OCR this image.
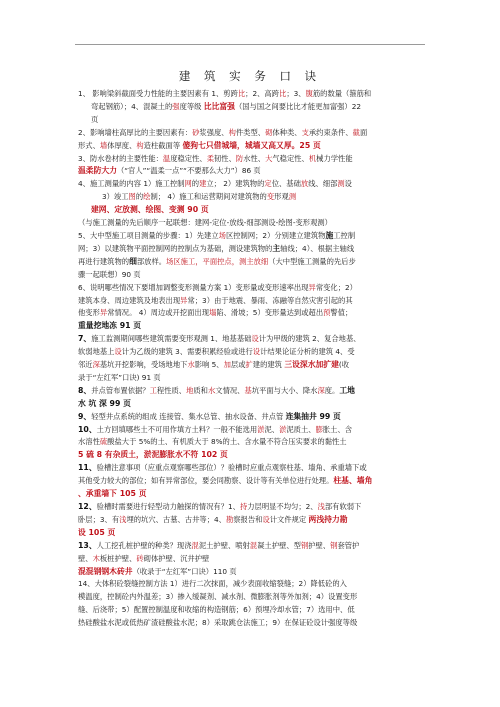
建 筑 实 务 口 诀

1、 影响梁斜截面受力性能的主要因素有 1、剪跨比；2、高跨比；3、腹筋的数量（箍筋和

弯起钢筋）；4、混凝土的强度等级 比比富强（国与国之间要比比才能更加富强）22

页

2、影响墙柱高厚比的主要因素有：砂浆强度、构件类型、砌体种类、支承约束条件、截面

形式、墙体厚度、构造柱截面等 傻狗七只借城墙，城墙又高又厚。25 页

3、防水卷材的主要性能：温度稳定性、柔韧性、防水性、大气稳定性、机械力学性能

温柔防大力（“官人”“温柔一点”“不要那么大力”）86 页

4、施工测量的内容 1）施工控制网的建立； 2）建筑物的定位、基础放线、细部测设

3）竣工图的绘制； 4）施工和运营期间对建筑物的变形观测

建网、定放测、绘图、变测 90 页

（与施工测量的先后顺序一起联想：建网-定位-放线-细部测设-绘图-变形观测）

5、大中型施工项目测量的步骤：1）先建立场区控制网；2）分别建立建筑物施工控制

网；3）以建筑物平面控制网的控制点为基础，测设建筑物的主轴线；4）、根据主轴线

再进行建筑物的细部放样。场区施工，平面控点，测主放细（大中型施工测量的先后步

骤一起联想）90 页

6、说明哪些情况下要增加调整变形测量方案 1）变形量或变形速率出现异常变化；2）

建筑本身、周边建筑及地表出现异常；3）由于地震、暴雨、冻融等自然灾害引起的其

他变形异常情况。 4）周边或开挖面出现塌陷、滑坡；5）变形量达到或超出预警值；

重量挖地冻 91 页

7、施工监测期间哪些建筑需要变形观测 1、地基基础设计为甲级的建筑 2、复合地基、

软弱地基上设计为乙级的建筑 3、需要积累经验或进行设计结果论证分析的建筑 4、受

邻近深基坑开挖影响，受场地地下水影响 5、加层或扩建的建筑 三设深水加扩建(收

录于“左红军”口诀) 91 页

8、并点管布置依据？工程性质、地质和水文情况、基坑平面与大小、降水深度。工地

水 坑 深 99 页

9、轻型井点系统的组成 连接管、集水总管、抽水设备、井点管 连集抽井 99 页

10、土方回填哪些土不可用作填方土料？一般不能选用淤泥、淤泥质土、膨胀土、含

水溶性硫酸盐大于 5%的土、有机质大于 8%的土、含水量不符合压实要求的黏性土

5 硫 8 有杂质土，淤泥膨胀水不符 102 页

11、验槽注意事项（应重点观察哪些部位）？验槽时应重点观察柱基、墙角、承重墙下或

其他受力较大的部位；如有异常部位，要会同勘察、设计等有关单位进行处理。柱基、墙角

、承重墙下 105 页

12、验槽时需要进行轻型动力触探的情况有？1、持力层明显不均匀；2、浅部有软弱下

卧层；3、有浅埋的坑穴、古墓、古井等；4、勘察报告和设计文件规定 两浅持力勘

设 105 页

13、人工挖孔桩护壁的种类？现浇混泥土护壁、喷射混凝土护壁、型钢护壁、钢套管护

壁、木板桩护壁、砖砌体护壁、沉井护壁

混混钢钢木砖井（收录于“左红军”口诀）110 页

14、大体积砼裂缝控制方法 1）进行二次抹面，减少表面收缩裂缝；2）降低砼的入

模温度，控制砼内外温差；3）掺入缓凝剂、减水剂、微膨胀剂等外加剂；4）设置变形

缝、后浇带；5）配置控制温度和收缩的构造钢筋；6）预埋冷却水管；7）选用中、低

热硅酸盐水泥或低热矿渣硅酸盐水泥；8）采取跳仓法施工；9）在保证砼设计强度等级
